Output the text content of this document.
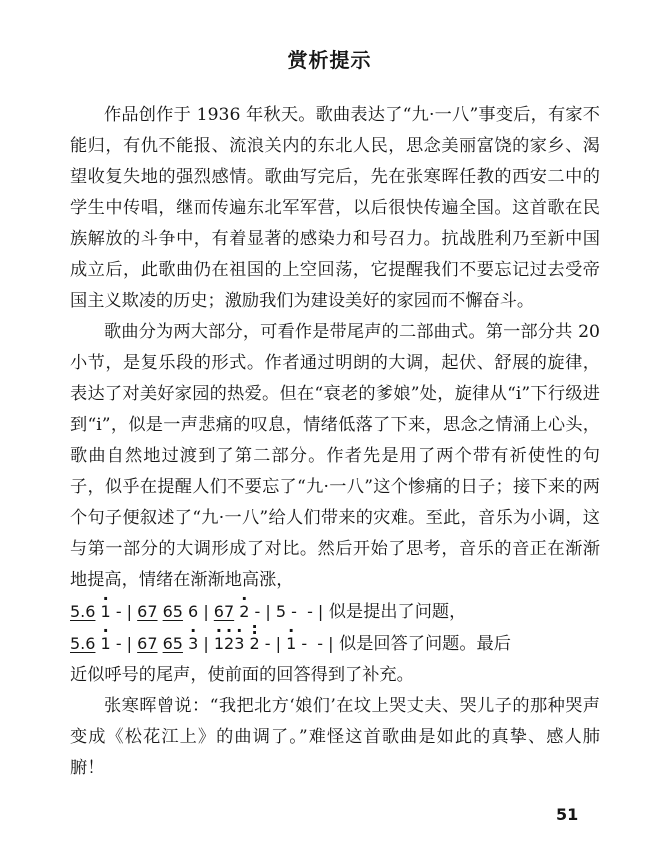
赏析提示

作品创作于 1936 年秋天。歌曲表达了“九·一八”事变后，有家不能归，有仇不能报、流浪关内的东北人民，思念美丽富饶的家乡、渴望收复失地的强烈感情。歌曲写完后，先在张寒晖任教的西安二中的学生中传唱，继而传遍东北军军营，以后很快传遍全国。这首歌在民族解放的斗争中，有着显著的感染力和号召力。抗战胜利乃至新中国成立后，此歌曲仍在祖国的上空回荡，它提醒我们不要忘记过去受帝国主义欺凌的历史；激励我们为建设美好的家园而不懈奋斗。

歌曲分为两大部分，可看作是带尾声的二部曲式。第一部分共 20 小节，是复乐段的形式。作者通过明朗的大调，起伏、舒展的旋律，表达了对美好家园的热爱。但在“衰老的爹娘”处，旋律从“i̇”下行级进到“i”，似是一声悲痛的叹息，情绪低落了下来，思念之情涌上心头，歌曲自然地过渡到了第二部分。作者先是用了两个带有祈使性的句子，似乎在提醒人们不要忘了“九·一八”这个惨痛的日子；接下来的两个句子便叙述了“九·一八”给人们带来的灾难。至此，音乐为小调，这与第一部分的大调形成了对比。然后开始了思考，音乐的音正在渐渐地提高，情绪在渐渐地高涨，

5.6 · 1 - | 67 65 6 | 67 · 2 - | 5 -  - | 似是提出了问题，

5.6 · 1 - | 67 65 · 3 | · 1· 2· 3 : 2 - | · 1 -  - | 似是回答了问题。最后

近似呼号的尾声，使前面的回答得到了补充。

张寒晖曾说：“我把北方‘娘们’在坟上哭丈夫、哭儿子的那种哭声变成《松花江上》的曲调了。”难怪这首歌曲是如此的真挚、感人肺腑！

51
